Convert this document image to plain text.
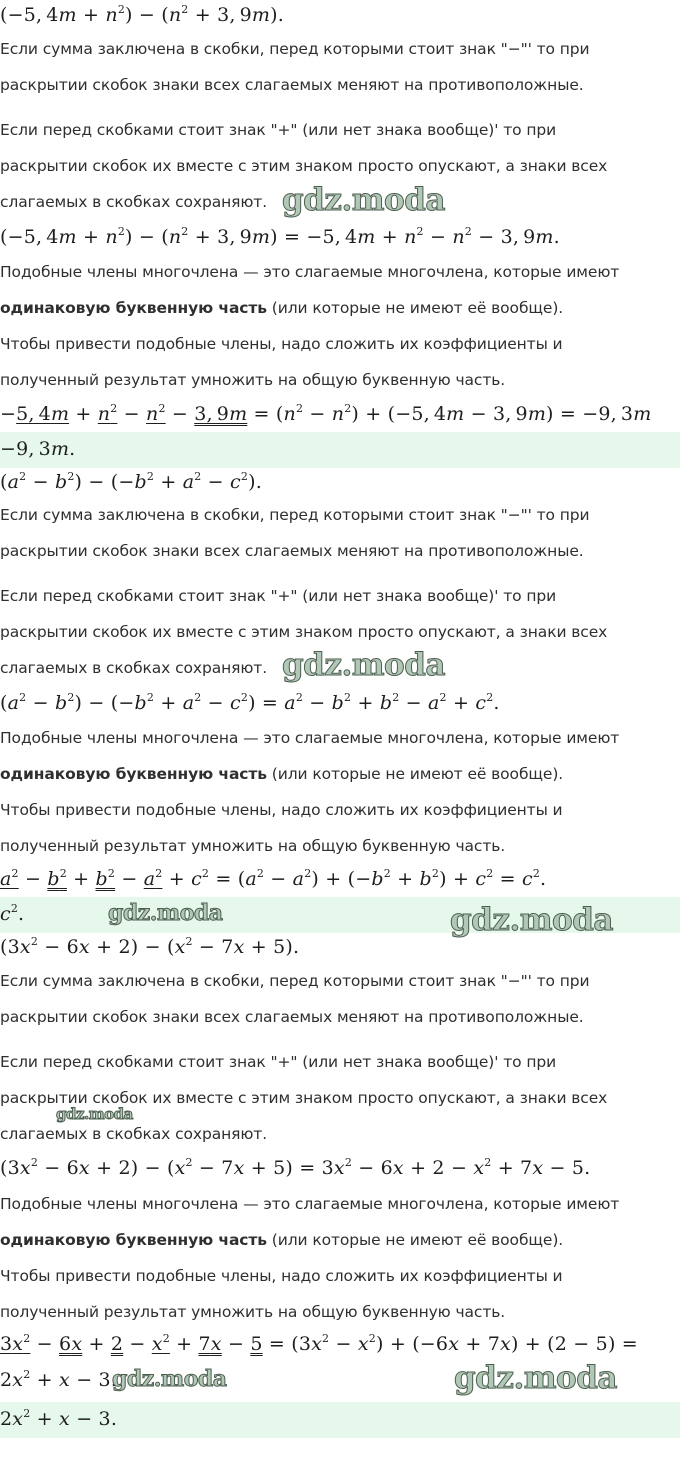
(−5, $4m + n^2) - (n^2 + 3$, 9m).
Если сумма заключена в скобки, перед которыми стоит знак "−"' то при
раскрытии скобок знаки всех слагаемых меняют на противоположные.
Если перед скобками стоит знак "+" (или нет знака вообще)' то при
раскрытии скобок их вместе с этим знаком просто опускают, а знаки всех
слагаемых в скобках сохраняют. gdz.moda
(−5, $4m + n^2) - (n^2 + 3$, 9m) = −5, $4m + n^2 - n^2 - 3$, 9m.
Подобные члены многочлена — это слагаемые многочлена, которые имеют
одинаковую буквенную часть (или которые не имеют её вообще).
Чтобы привести подобные члены, надо сложить их коэффициенты и
полученный результат умножить на общую буквенную часть.
−5, $4m + n^2 - n^2 - 3$, $9m = (n^2 - n^2) + (-5$, 4m − 3, 9m) = −9, 3m
−9, 3m.
$(a^2 - b^2) - (-b^2 + a^2 - c^2)$.
Если сумма заключена в скобки, перед которыми стоит знак "−"' то при
раскрытии скобок знаки всех слагаемых меняют на противоположные.
Если перед скобками стоит знак "+" (или нет знака вообще)' то при
раскрытии скобок их вместе с этим знаком просто опускают, а знаки всех
слагаемых в скобках сохраняют. gdz.moda
$(a^2 - b^2) - (-b^2 + a^2 - c^2) = a^2 - b^2 + b^2 - a^2 + c^2$.
Подобные члены многочлена — это слагаемые многочлена, которые имеют
одинаковую буквенную часть (или которые не имеют её вообще).
Чтобы привести подобные члены, надо сложить их коэффициенты и
полученный результат умножить на общую буквенную часть.
$a^2 - b^2 + b^2 - a^2 + c^2 = (a^2 - a^2) + (-b^2 + b^2) + c^2 = c^2$.
$c^2$.	gdz.moda	gdz.moda
$(3x^2 - 6x + 2) - (x^2 - 7x + 5)$.
Если сумма заключена в скобки, перед которыми стоит знак "−"' то при
раскрытии скобок знаки всех слагаемых меняют на противоположные.
Если перед скобками стоит знак "+" (или нет знака вообще)' то при
раскрытии скобок их вместе с этим знаком просто опускают, а знаки всех
gdz.moda
слагаемых в скобках сохраняют.
$(3x^2 - 6x + 2) - (x^2 - 7x + 5) = 3x^2 - 6x + 2 - x^2 + 7x - 5$.
Подобные члены многочлена — это слагаемые многочлена, которые имеют
одинаковую буквенную часть (или которые не имеют её вообще).
Чтобы привести подобные члены, надо сложить их коэффициенты и
полученный результат умножить на общую буквенную часть.
$3x^2 - 6x + 2 - x^2 + 7x - 5 = (3x^2 - x^2) + (-6x + 7x) + (2 - 5)$ =
$2x^2 + x - 3$.
gdz.moda	gdz.moda
$2x^2 + x - 3$.
